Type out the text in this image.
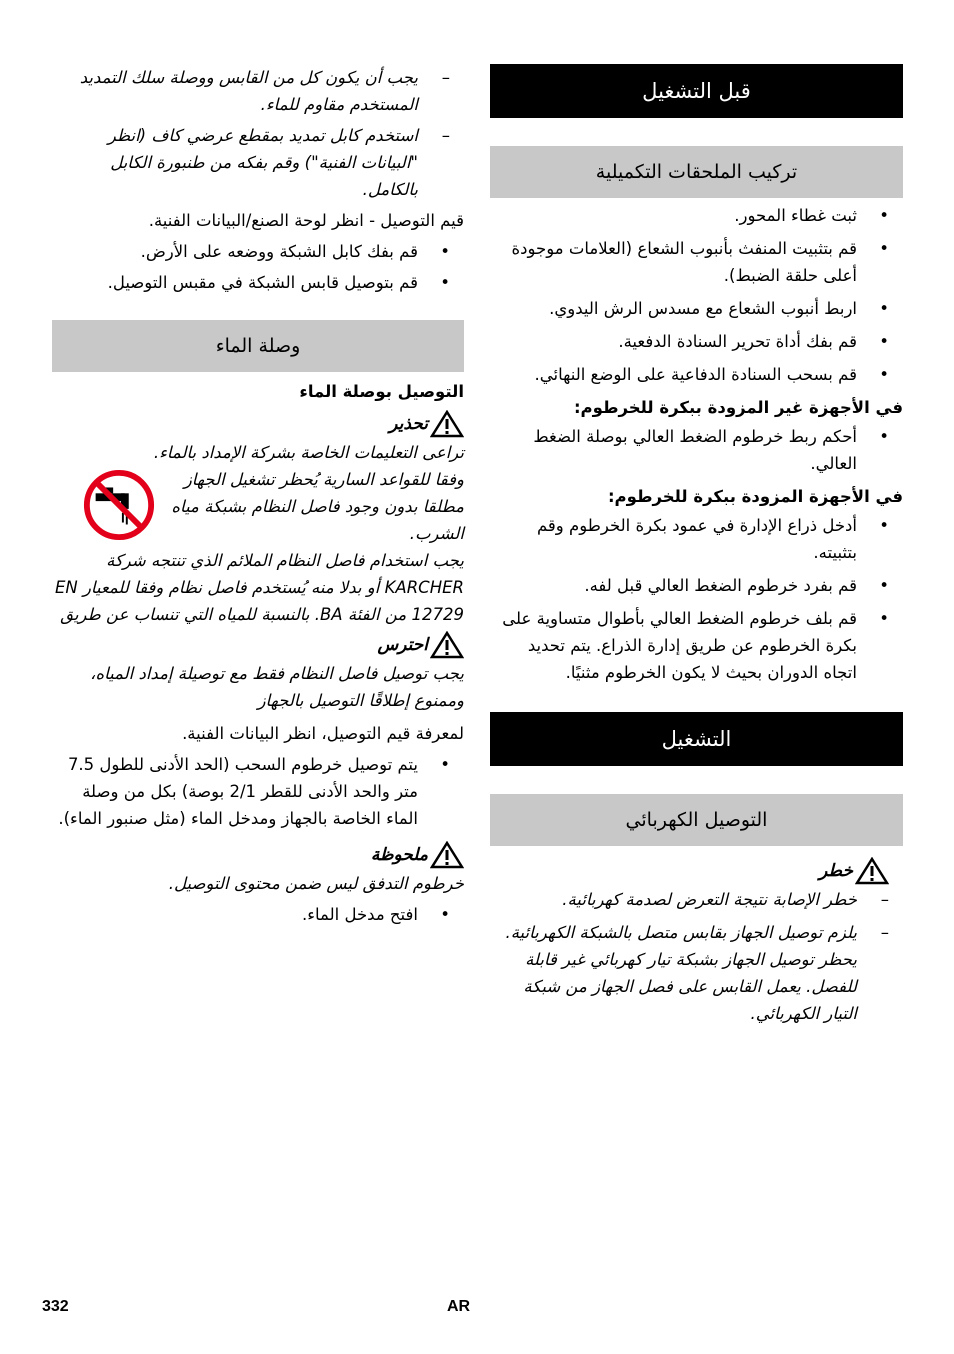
قبل التشغيل
تركيب الملحقات التكميلية
• ثبت غطاء المحور.
• قم بتثبيت المنفث بأنبوب الشعاع (العلامات موجودة أعلى حلقة الضبط).
• اربط أنبوب الشعاع مع مسدس الرش اليدوي.
• قم بفك أداة تحرير السنادة الدفعية.
• قم بسحب السنادة الدفاعية على الوضع النهائي.

في الأجهزة غير المزودة ببكرة للخرطوم:

• أحكم ربط خرطوم الضغط العالي بوصلة الضغط العالي.

في الأجهزة المزودة ببكرة للخرطوم:

• أدخل ذراع الإدارة في عمود بكرة الخرطوم وقم بتثبيته.
• قم بفرد خرطوم الضغط العالي قبل لفه.
• قم بلف خرطوم الضغط العالي بأطوال متساوية على بكرة الخرطوم عن طريق إدارة الذراع. يتم تحديد اتجاه الدوران بحيث لا يكون الخرطوم مثنيًا.
التشغيل
التوصيل الكهربائي
خطر
– خطر الإصابة نتيجة التعرض لصدمة كهربائية.
– يلزم توصيل الجهاز بقابس متصل بالشبكة الكهربائية. يحظر توصيل الجهاز بشبكة تيار كهربائي غير قابلة للفصل. يعمل القابس على فصل الجهاز من شبكة التيار الكهربائي.
– يجب أن يكون كل من القابس ووصلة سلك التمديد المستخدم مقاوم للماء.
– استخدم كابل تمديد بمقطع عرضي كاف (انظر "البيانات الفنية") وقم بفكه من طنبورة الكابل بالكامل.

قيم التوصيل - انظر لوحة الصنع/البيانات الفنية.

• قم بفك كابل الشبكة ووضعه على الأرض.
• قم بتوصيل قابس الشبكة في مقبس التوصيل.
وصلة الماء

التوصيل بوصلة الماء

تحذير

تراعى التعليمات الخاصة بشركة الإمداد بالماء.

وفقا للقواعد السارية يُحظر تشغيل الجهاز مطلقا بدون وجود فاصل النظام بشبكة مياه الشرب.

يجب استخدام فاصل النظام الملائم الذي تنتجه شركة KARCHER أو بدلا منه يُستخدم فاصل نظام وفقا للمعيار EN 12729 من الفئة BA. بالنسبة للمياه التي تنساب عن طريق

احترس

يجب توصيل فاصل النظام فقط مع توصيلة إمداد المياه، وممنوع إطلاقًا التوصيل بالجهاز

لمعرفة قيم التوصيل، انظر البيانات الفنية.

• يتم توصيل خرطوم السحب (الحد الأدنى للطول 7.5 متر والحد الأدنى للقطر 2/1 بوصة) بكل من وصلة الماء الخاصة بالجهاز ومدخل الماء (مثل صنبور الماء).
ملحوظة

خرطوم التدفق ليس ضمن محتوى التوصيل.

• افتح مدخل الماء.
332	AR
